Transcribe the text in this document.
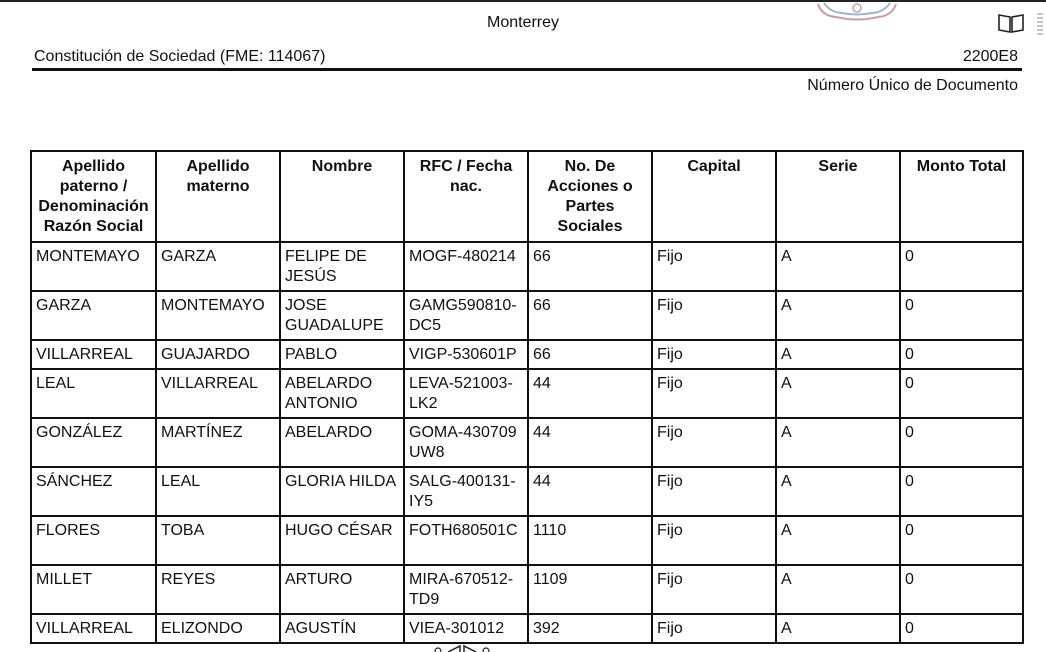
Monterrey
Constitución de Sociedad (FME: 114067)	2200E8
Número Único de Documento
Apellido paterno / Denominación Razón Social	Apellido materno	Nombre	RFC / Fecha nac.	No. De Acciones o Partes Sociales	Capital	Serie	Monto Total
MONTEMAYO	GARZA	FELIPE DE JESÚS	MOGF-480214	66	Fijo	A	0
GARZA	MONTEMAYO	JOSE GUADALUPE	GAMG590810-DC5	66	Fijo	A	0
VILLARREAL	GUAJARDO	PABLO	VIGP-530601P	66	Fijo	A	0
LEAL	VILLARREAL	ABELARDO ANTONIO	LEVA-521003-LK2	44	Fijo	A	0
GONZÁLEZ	MARTÍNEZ	ABELARDO	GOMA-430709 UW8	44	Fijo	A	0
SÁNCHEZ	LEAL	GLORIA HILDA	SALG-400131-IY5	44	Fijo	A	0
FLORES	TOBA	HUGO CÉSAR	FOTH680501C	1110	Fijo	A	0
MILLET	REYES	ARTURO	MIRA-670512-TD9	1109	Fijo	A	0
VILLARREAL	ELIZONDO	AGUSTÍN	VIEA-301012	392	Fijo	A	0
